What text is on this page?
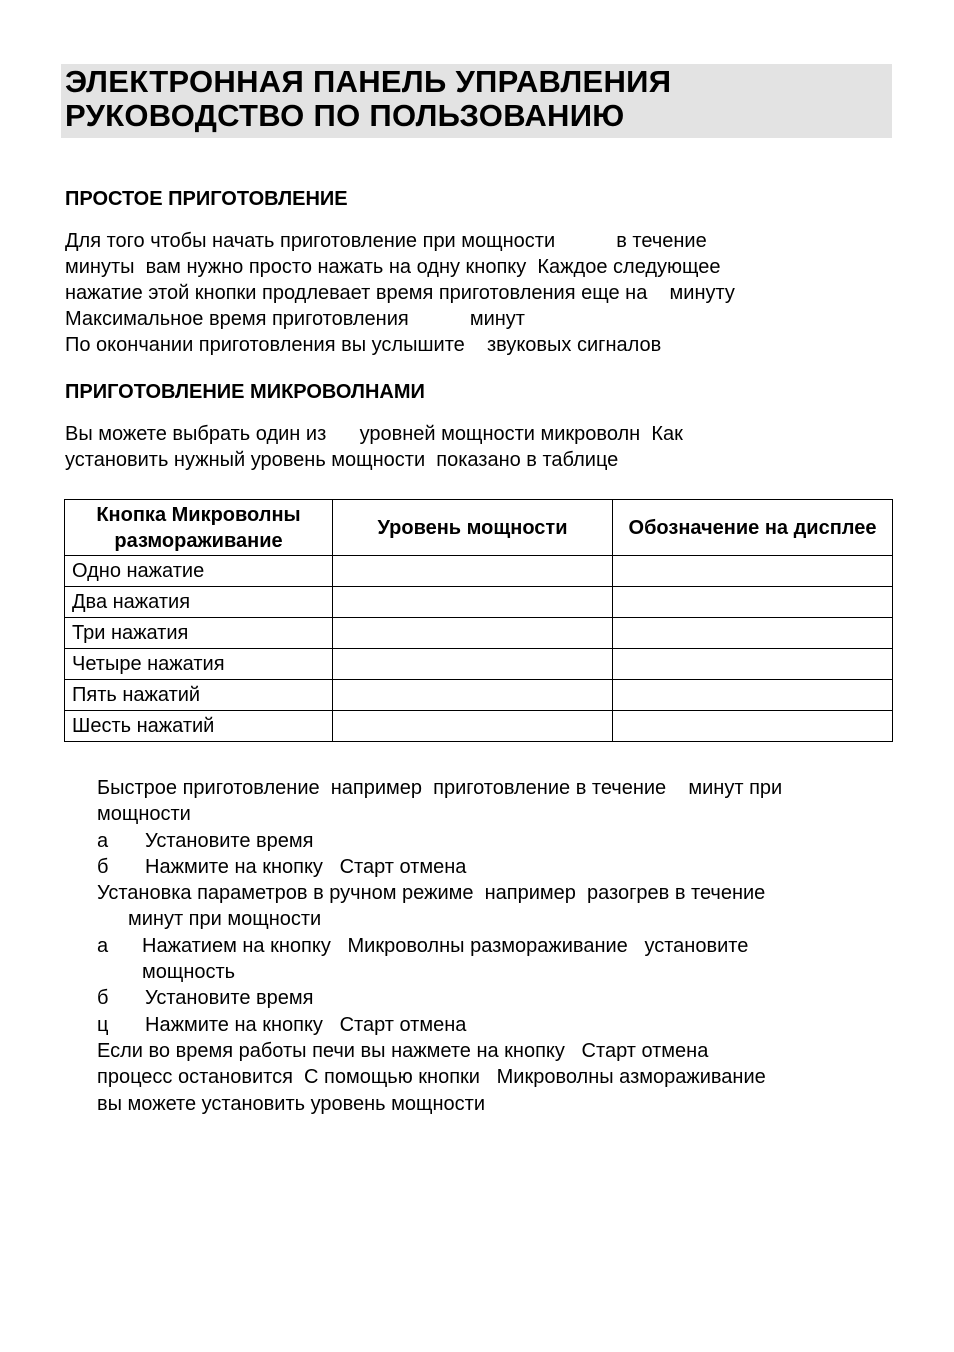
ЭЛЕКТРОННАЯ ПАНЕЛЬ УПРАВЛЕНИЯ
РУКОВОДСТВО ПО ПОЛЬЗОВАНИЮ
ПРОСТОЕ ПРИГОТОВЛЕНИЕ
Для того чтобы начать приготовление при мощности           в течение
минуты  вам нужно просто нажать на одну кнопку  Каждое следующее
нажатие этой кнопки продлевает время приготовления еще на    минуту
Максимальное время приготовления           минут
По окончании приготовления вы услышите    звуковых сигналов
ПРИГОТОВЛЕНИЕ МИКРОВОЛНАМИ
Вы можете выбрать один из      уровней мощности микроволн  Как
установить нужный уровень мощности  показано в таблице
Кнопка Микроволны размораживание	Уровень мощности	Обозначение на дисплее
Одно нажатие		
Два нажатия		
Три нажатия		
Четыре нажатия		
Пять нажатий		
Шесть нажатий		
Быстрое приготовление  например  приготовление в течение    минут при
мощности
а Установите время
б Нажмите на кнопку   Старт отмена
Установка параметров в ручном режиме  например  разогрев в течение
минут при мощности
а Нажатием на кнопку   Микроволны размораживание   установите
мощность
б Установите время
ц Нажмите на кнопку   Старт отмена
Если во время работы печи вы нажмете на кнопку   Старт отмена
процесс остановится  С помощью кнопки   Микроволны азмораживание
вы можете установить уровень мощности
